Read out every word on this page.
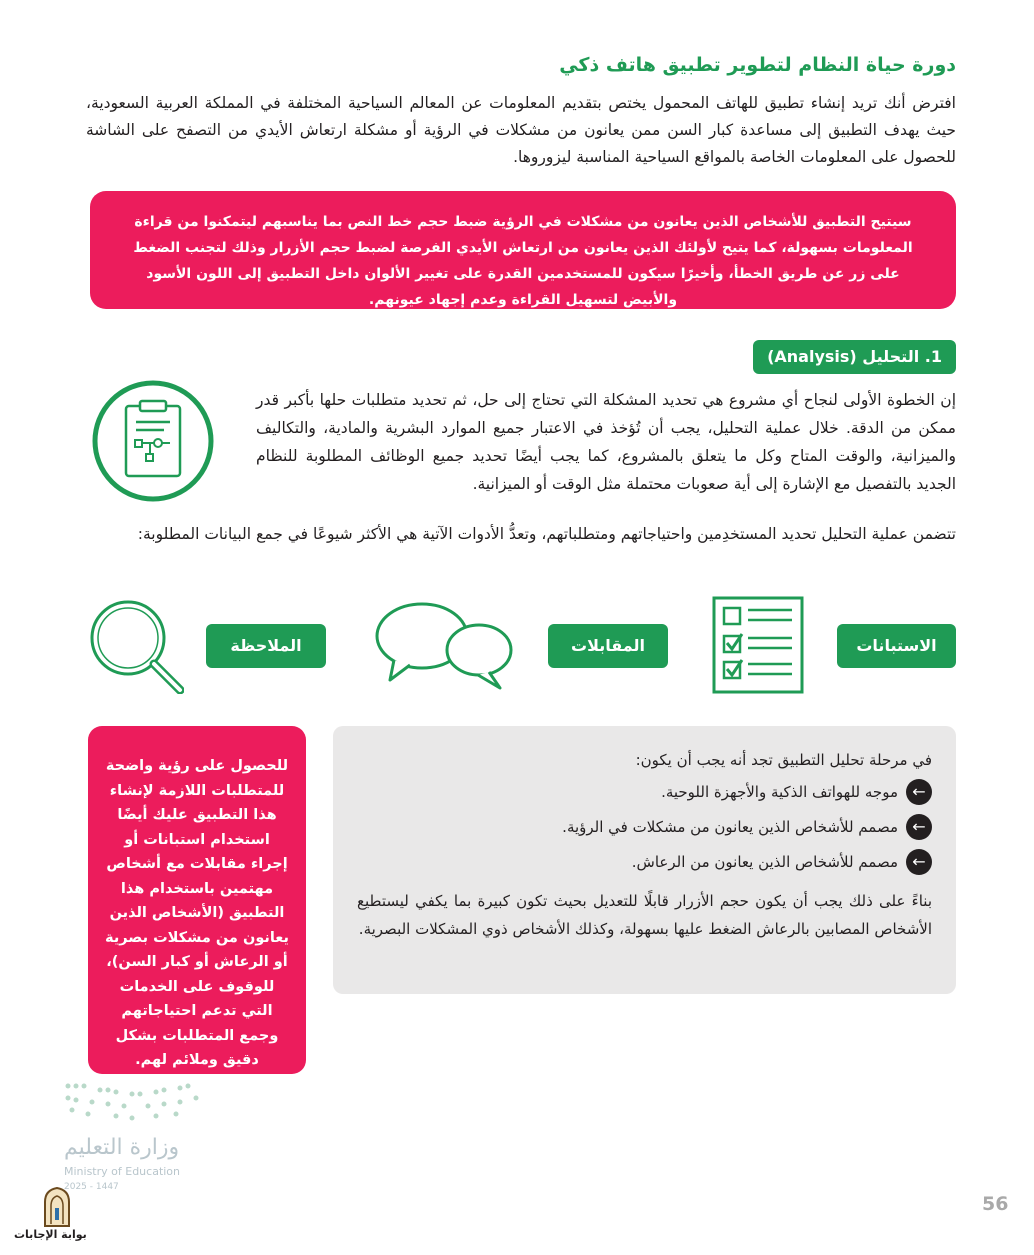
دورة حياة النظام لتطوير تطبيق هاتف ذكي
افترض أنك تريد إنشاء تطبيق للهاتف المحمول يختص بتقديم المعلومات عن المعالم السياحية المختلفة في المملكة العربية السعودية، حيث يهدف التطبيق إلى مساعدة كبار السن ممن يعانون من مشكلات في الرؤية أو مشكلة ارتعاش الأيدي من التصفح على الشاشة للحصول على المعلومات الخاصة بالمواقع السياحية المناسبة ليزوروها.
سيتيح التطبيق للأشخاص الذين يعانون من مشكلات في الرؤية ضبط حجم خط النص بما يناسبهم ليتمكنوا من قراءة المعلومات بسهولة، كما يتيح لأولئك الذين يعانون من ارتعاش الأيدي الفرصة لضبط حجم الأزرار وذلك لتجنب الضغط على زر عن طريق الخطأ، وأخيرًا سيكون للمستخدمين القدرة على تغيير الألوان داخل التطبيق إلى اللون الأسود والأبيض لتسهيل القراءة وعدم إجهاد عيونهم.
1. التحليل (Analysis)
إن الخطوة الأولى لنجاح أي مشروع هي تحديد المشكلة التي تحتاج إلى حل، ثم تحديد متطلبات حلها بأكبر قدر ممكن من الدقة. خلال عملية التحليل، يجب أن تُؤخذ في الاعتبار جميع الموارد البشرية والمادية، والتكاليف والميزانية، والوقت المتاح وكل ما يتعلق بالمشروع، كما يجب أيضًا تحديد جميع الوظائف المطلوبة للنظام الجديد بالتفصيل مع الإشارة إلى أية صعوبات محتملة مثل الوقت أو الميزانية.
تتضمن عملية التحليل تحديد المستخدِمين واحتياجاتهم ومتطلباتهم، وتعدُّ الأدوات الآتية هي الأكثر شيوعًا في جمع البيانات المطلوبة:
الاستبانات
المقابلات
الملاحظة
في مرحلة تحليل التطبيق تجد أنه يجب أن يكون:
←
موجه للهواتف الذكية والأجهزة اللوحية.
←
مصمم للأشخاص الذين يعانون من مشكلات في الرؤية.
←
مصمم للأشخاص الذين يعانون من الرعاش.
بناءً على ذلك يجب أن يكون حجم الأزرار قابلًا للتعديل بحيث تكون كبيرة بما يكفي ليستطيع الأشخاص المصابين بالرعاش الضغط عليها بسهولة، وكذلك الأشخاص ذوي المشكلات البصرية.
للحصول على رؤية واضحة للمتطلبات اللازمة لإنشاء هذا التطبيق عليك أيضًا استخدام استبانات أو إجراء مقابلات مع أشخاص مهتمين باستخدام هذا التطبيق (الأشخاص الذين يعانون من مشكلات بصرية أو الرعاش أو كبار السن)، للوقوف على الخدمات التي تدعم احتياجاتهم وجمع المتطلبات بشكل دقيق وملائم لهم.
وزارة التعليم
Ministry of Education
2025 - 1447
56
بوابة الإجابات
